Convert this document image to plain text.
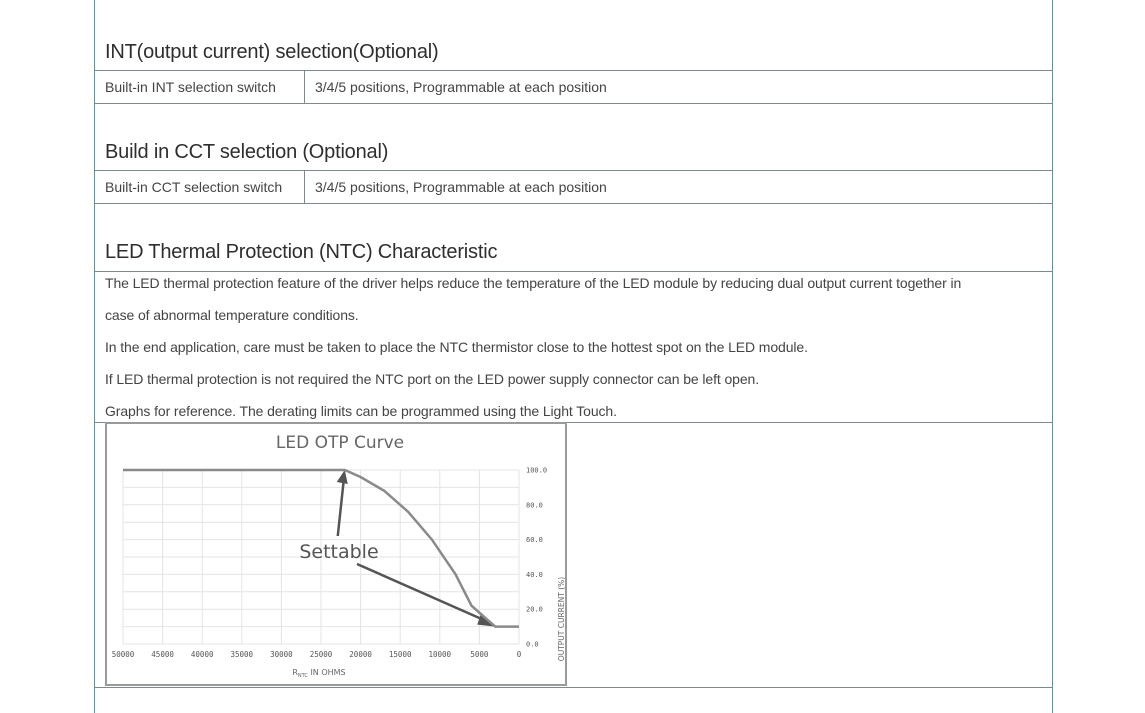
INT(output current) selection(Optional)
Built-in INT selection switch	3/4/5 positions, Programmable at each position
Build in CCT selection (Optional)
Built-in CCT selection switch 3/4/5 positions, Programmable at each position
LED Thermal Protection (NTC) Characteristic
The LED thermal protection feature of the driver helps reduce the temperature of the LED module by reducing dual output current together in
case of abnormal temperature conditions.
In the end application, care must be taken to place the NTC thermistor close to the hottest spot on the LED module.
If LED thermal protection is not required the NTC port on the LED power supply connector can be left open.
Graphs for reference. The derating limits can be programmed using the Light Touch.
50000 45000 40000 35000 30000 25000 20000 15000 10000	5000	0
0.0
20.0
40.0
60.0
80.0
100.0
LED OTP Curve
Settable
OUTPUT CURRENT (%)
$R_{NTC}$ IN OHMS
